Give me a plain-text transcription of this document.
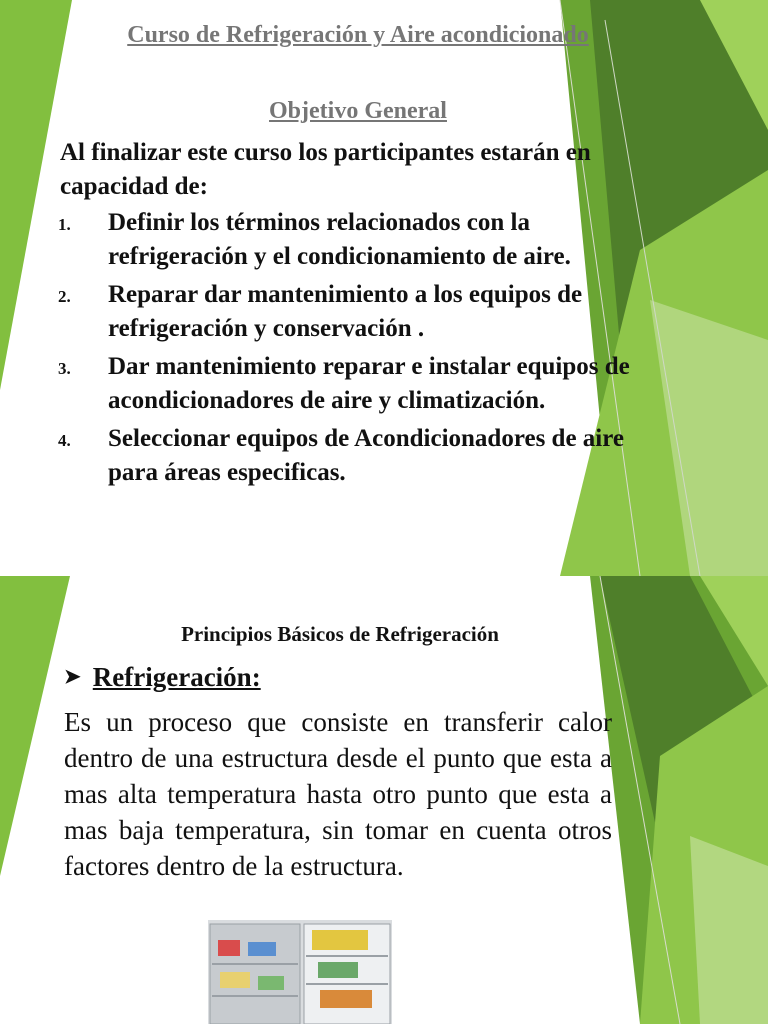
Curso de Refrigeración y Aire acondicionado
Objetivo General
Al finalizar este curso los participantes estarán en capacidad de:
1. Definir los términos relacionados con la refrigeración y el condicionamiento de aire.
2. Reparar dar mantenimiento a los equipos de refrigeración y conservación .
3. Dar mantenimiento reparar e instalar equipos de acondicionadores de aire y climatización.
4. Seleccionar equipos de Acondicionadores de aire para áreas especificas.
Principios Básicos de Refrigeración
➤ Refrigeración:
Es un proceso que consiste en transferir calor dentro de una estructura desde el punto que esta a mas alta temperatura hasta otro punto que esta a mas baja temperatura, sin tomar en cuenta otros factores dentro de la estructura.
